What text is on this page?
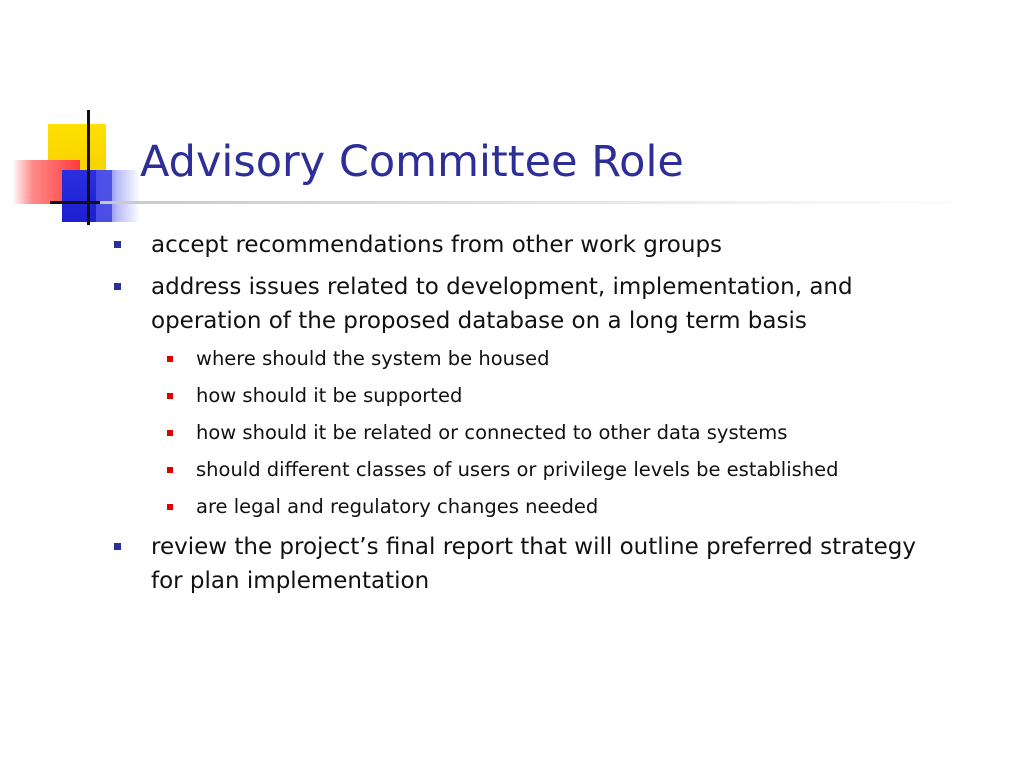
Advisory Committee Role
accept recommendations from other work groups
address issues related to development, implementation, and operation of the proposed database on a long term basis
where should the system be housed
how should it be supported
how should it be related or connected to other data systems
should different classes of users or privilege levels be established
are legal and regulatory changes needed
review the project’s final report that will outline preferred strategy for plan implementation
